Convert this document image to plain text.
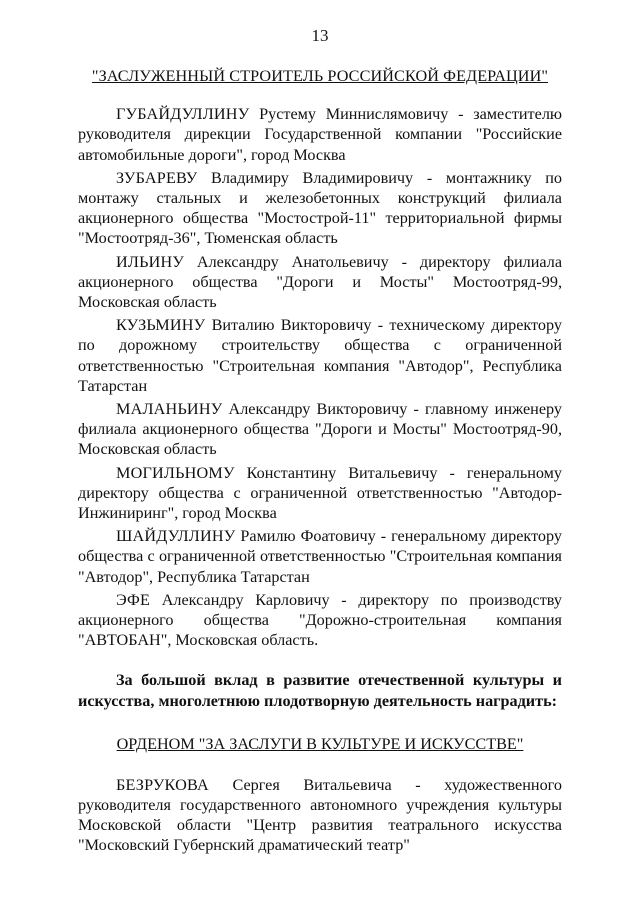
13
"ЗАСЛУЖЕННЫЙ СТРОИТЕЛЬ РОССИЙСКОЙ ФЕДЕРАЦИИ"

ГУБАЙДУЛЛИНУ Рустему Миннислямовичу - заместителю руководителя дирекции Государственной компании "Российские автомобильные дороги", город Москва

ЗУБАРЕВУ Владимиру Владимировичу - монтажнику по монтажу стальных и железобетонных конструкций филиала акционерного общества "Мостострой-11" территориальной фирмы "Мостоотряд-36", Тюменская область

ИЛЬИНУ Александру Анатольевичу - директору филиала акционерного общества "Дороги и Мосты" Мостоотряд-99, Московская область

КУЗЬМИНУ Виталию Викторовичу - техническому директору по дорожному строительству общества с ограниченной ответственностью "Строительная компания "Автодор", Республика Татарстан

МАЛАНЬИНУ Александру Викторовичу - главному инженеру филиала акционерного общества "Дороги и Мосты" Мостоотряд-90, Московская область

МОГИЛЬНОМУ Константину Витальевичу - генеральному директору общества с ограниченной ответственностью "Автодор-Инжиниринг", город Москва

ШАЙДУЛЛИНУ Рамилю Фоатовичу - генеральному директору общества с ограниченной ответственностью "Строительная компания "Автодор", Республика Татарстан

ЭФЕ Александру Карловичу - директору по производству акционерного общества "Дорожно-строительная компания "АВТОБАН", Московская область.

За большой вклад в развитие отечественной культуры и искусства, многолетнюю плодотворную деятельность наградить:

ОРДЕНОМ "ЗА ЗАСЛУГИ В КУЛЬТУРЕ И ИСКУССТВЕ"

БЕЗРУКОВА Сергея Витальевича - художественного руководителя государственного автономного учреждения культуры Московской области "Центр развития театрального искусства "Московский Губернский драматический театр"
